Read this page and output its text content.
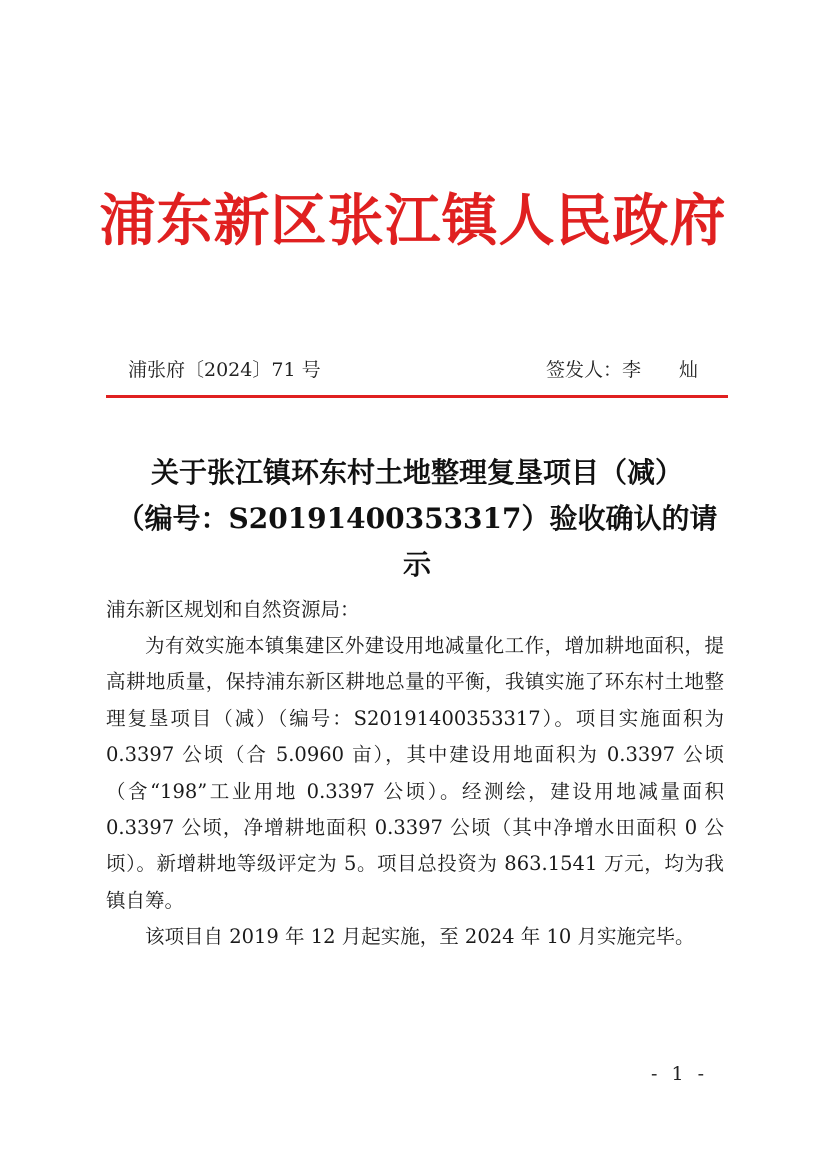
浦东新区张江镇人民政府
浦张府〔2024〕71 号	签发人：李 灿
关于张江镇环东村土地整理复垦项目（减）
（编号：S20191400353317）验收确认的请示
浦东新区规划和自然资源局：

为有效实施本镇集建区外建设用地减量化工作，增加耕地面积，提高耕地质量，保持浦东新区耕地总量的平衡，我镇实施了环东村土地整理复垦项目（减）（编号：S20191400353317）。项目实施面积为 0.3397 公顷（合 5.0960 亩），其中建设用地面积为 0.3397 公顷（含“198”工业用地 0.3397 公顷）。经测绘，建设用地减量面积 0.3397 公顷，净增耕地面积 0.3397 公顷（其中净增水田面积 0 公顷）。新增耕地等级评定为 5。项目总投资为 863.1541 万元，均为我镇自筹。

该项目自 2019 年 12 月起实施，至 2024 年 10 月实施完毕。

- 1 -
